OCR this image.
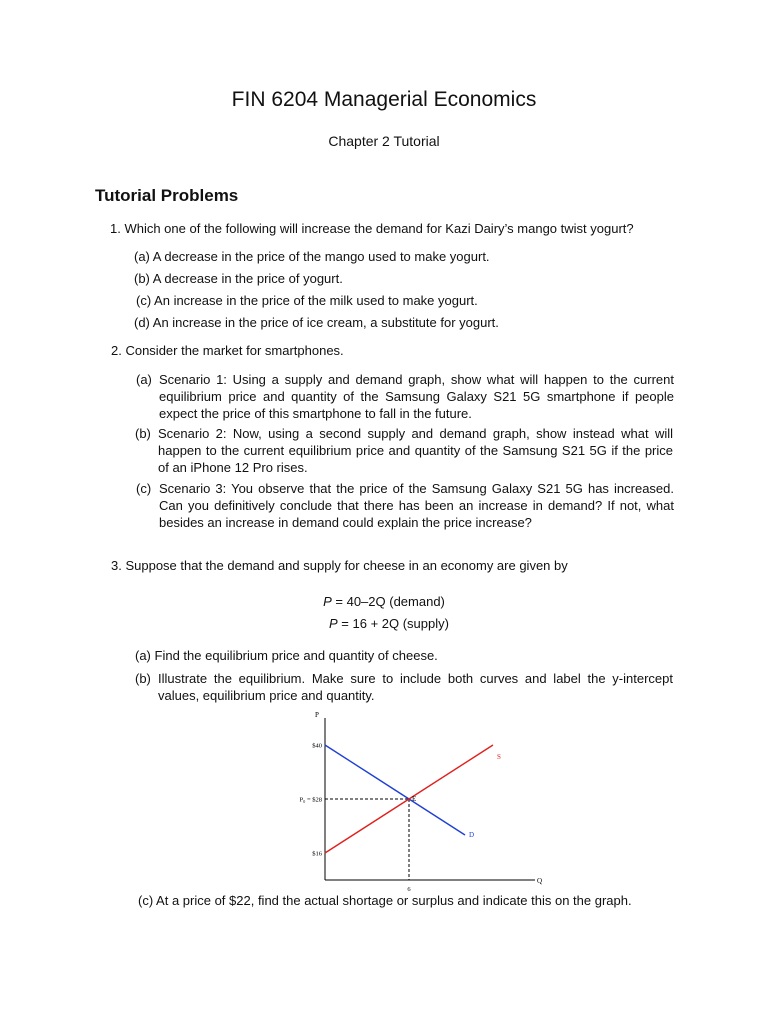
FIN 6204 Managerial Economics
Chapter 2 Tutorial
Tutorial Problems
1. Which one of the following will increase the demand for Kazi Dairy’s mango twist yogurt?
(a) A decrease in the price of the mango used to make yogurt.
(b) A decrease in the price of yogurt.
(c) An increase in the price of the milk used to make yogurt.
(d) An increase in the price of ice cream, a substitute for yogurt.
2. Consider the market for smartphones.
(a) Scenario 1: Using a supply and demand graph, show what will happen to the current equilibrium price and quantity of the Samsung Galaxy S21 5G smartphone if people expect the price of this smartphone to fall in the future.
(b) Scenario 2: Now, using a second supply and demand graph, show instead what will happen to the current equilibrium price and quantity of the Samsung S21 5G if the price of an iPhone 12 Pro rises.
(c) Scenario 3: You observe that the price of the Samsung Galaxy S21 5G has increased. Can you definitively conclude that there has been an increase in demand? If not, what besides an increase in demand could explain the price increase?
3. Suppose that the demand and supply for cheese in an economy are given by
P = 40–2Q (demand)
P = 16 + 2Q (supply)
(a) Find the equilibrium price and quantity of cheese.
(b) Illustrate the equilibrium. Make sure to include both curves and label the y-intercept values, equilibrium price and quantity.
P
Q
D
S
$40
P₀ = $28
$16
6
E
(c) At a price of $22, find the actual shortage or surplus and indicate this on the graph.
